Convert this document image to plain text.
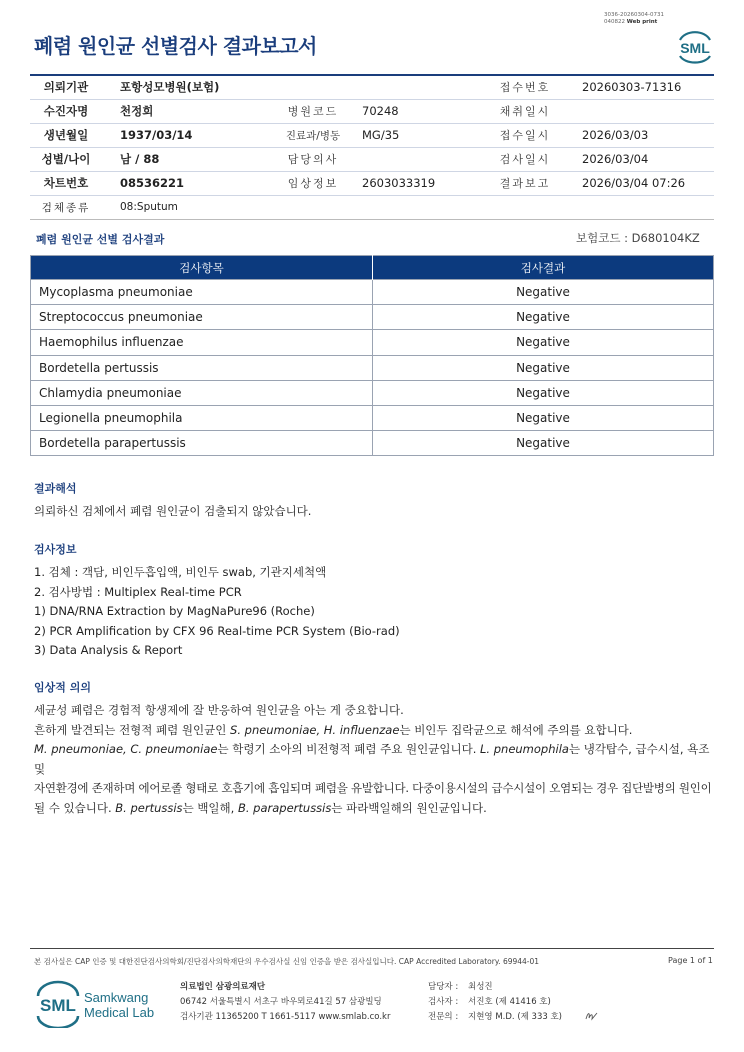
3036-20260304-0731
040822 Web print
폐렴 원인균 선별검사 결과보고서	SML
의뢰기관	포항성모병원(보험)			접수번호	20260303-71316
수진자명	천정희	병원코드	70248	채취일시	
생년월일	1937/03/14	진료과/병동	MG/35	접수일시	2026/03/03
성별/나이	남 / 88	담당의사		검사일시	2026/03/04
차트번호	08536221	임상정보	2603033319	결과보고	2026/03/04 07:26
검체종류	08:Sputum				
폐렴 원인균 선별 검사결과	보험코드 : D680104KZ
검사항목	검사결과
Mycoplasma pneumoniae	Negative
Streptococcus pneumoniae	Negative
Haemophilus influenzae	Negative
Bordetella pertussis	Negative
Chlamydia pneumoniae	Negative
Legionella pneumophila	Negative
Bordetella parapertussis	Negative
결과해석

의뢰하신 검체에서 폐렴 원인균이 검출되지 않았습니다.

검사정보

1. 검체 : 객담, 비인두흡입액, 비인두 swab, 기관지세척액

2. 검사방법 : Multiplex Real-time PCR

1) DNA/RNA Extraction by MagNaPure96 (Roche)

2) PCR Amplification by CFX 96 Real-time PCR System (Bio-rad)

3) Data Analysis & Report

임상적 의의

세균성 폐렴은 경험적 항생제에 잘 반응하여 원인균을 아는 게 중요합니다.

흔하게 발견되는 전형적 폐렴 원인균인 S. pneumoniae, H. influenzae는 비인두 집락균으로 해석에 주의를 요합니다.

M. pneumoniae, C. pneumoniae는 학령기 소아의 비전형적 폐렴 주요 원인균입니다. L. pneumophila는 냉각탑수, 급수시설, 욕조 및

자연환경에 존재하며 에어로졸 형태로 호흡기에 흡입되며 폐렴을 유발합니다. 다중이용시설의 급수시설이 오염되는 경우 집단발병의 원인이

될 수 있습니다. B. pertussis는 백일해, B. parapertussis는 파라백일해의 원인균입니다.

본 검사실은 CAP 인증 및 대한진단검사의학회/진단검사의학재단의 우수검사실 신임 인증을 받은 검사실입니다. CAP Accredited Laboratory. 69944-01	Page 1 of 1
SML Samkwang
Medical Lab
의료법인 삼광의료재단
06742 서울특별시 서초구 바우뫼로41길 57 삼광빌딩
검사기관 11365200 T 1661-5117 www.smlab.co.kr
담당자 : 최성진
검사자 : 서진호 (제 41416 호)
전문의 : 지현영 M.D. (제 333 호)
